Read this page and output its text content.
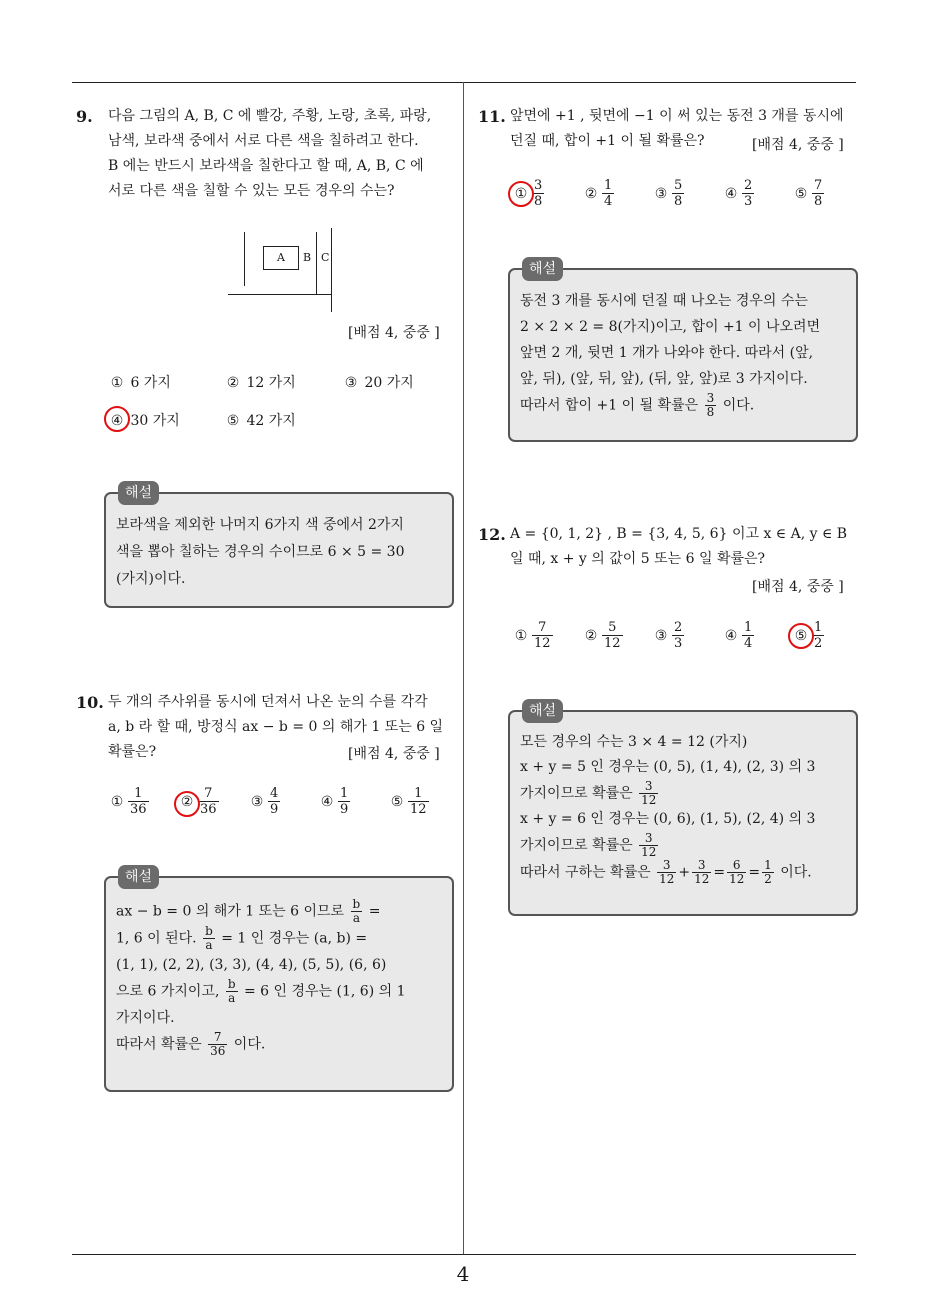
9. 다음 그림의 A, B, C 에 빨강, 주황, 노랑, 초록, 파랑,
남색, 보라색 중에서 서로 다른 색을 칠하려고 한다.
B 에는 반드시 보라색을 칠한다고 할 때, A, B, C 에
서로 다른 색을 칠할 수 있는 모든 경우의 수는?
A	B C
[배점 4, 중중 ]
① 6 가지	② 12 가지	③ 20 가지
④ 30 가지	⑤ 42 가지
해설
보라색을 제외한 나머지 6가지 색 중에서 2가지
색을 뽑아 칠하는 경우의 수이므로 6 × 5 = 30
(가지)이다.
10. 두 개의 주사위를 동시에 던져서 나온 눈의 수를 각각
a, b 라 할 때, 방정식 ax − b = 0 의 해가 1 또는 6 일
확률은?	[배점 4, 중중 ]
① $\frac{1}{36}$ ② $\frac{7}{36}$ ③ $\frac{4}{9}$	④ $\frac{1}{9}$	⑤ $\frac{1}{12}$
해설
ax − b = 0 의 해가 1 또는 6 이므로 $\frac{b}{a}$ =
1, 6 이 된다. $\frac{b}{a} = 1$ 인 경우는 (a, b) =
(1, 1), (2, 2), (3, 3), (4, 4), (5, 5), (6, 6)
으로 6 가지이고, $\frac{b}{a} = 6$ 인 경우는 (1, 6) 의 1
가지이다.
따라서 확률은 $\frac{7}{36}$ 이다.
11. 앞면에 +1 , 뒷면에 −1 이 써 있는 동전 3 개를 동시에
던질 때, 합이 +1 이 될 확률은?	[배점 4, 중중 ]
① $\frac{3}{8}$	② $\frac{1}{4}$	③ $\frac{5}{8}$	④ $\frac{2}{3}$	⑤ $\frac{7}{8}$
해설
동전 3 개를 동시에 던질 때 나오는 경우의 수는
2 × 2 × 2 = 8(가지)이고, 합이 +1 이 나오려면
앞면 2 개, 뒷면 1 개가 나와야 한다. 따라서 (앞,
앞, 뒤), (앞, 뒤, 앞), (뒤, 앞, 앞)로 3 가지이다.
따라서 합이 +1 이 될 확률은 $\frac{3}{8}$ 이다.
12. A = {0, 1, 2} , B = {3, 4, 5, 6} 이고 x ∈ A, y ∈ B
일 때, x + y 의 값이 5 또는 6 일 확률은?
[배점 4, 중중 ]
① $\frac{7}{12}$ ② $\frac{5}{12}$ ③ $\frac{2}{3}$	④ $\frac{1}{4}$	⑤ $\frac{1}{2}$
해설
모든 경우의 수는 3 × 4 = 12 (가지)
x + y = 5 인 경우는 (0, 5), (1, 4), (2, 3) 의 3
가지이므로 확률은 $\frac{3}{12}$
x + y = 6 인 경우는 (0, 6), (1, 5), (2, 4) 의 3
가지이므로 확률은 $\frac{3}{12}$
따라서 구하는 확률은 $\frac{3}{12} + \frac{3}{12} = \frac{6}{12} = \frac{1}{2}$ 이다.
4
